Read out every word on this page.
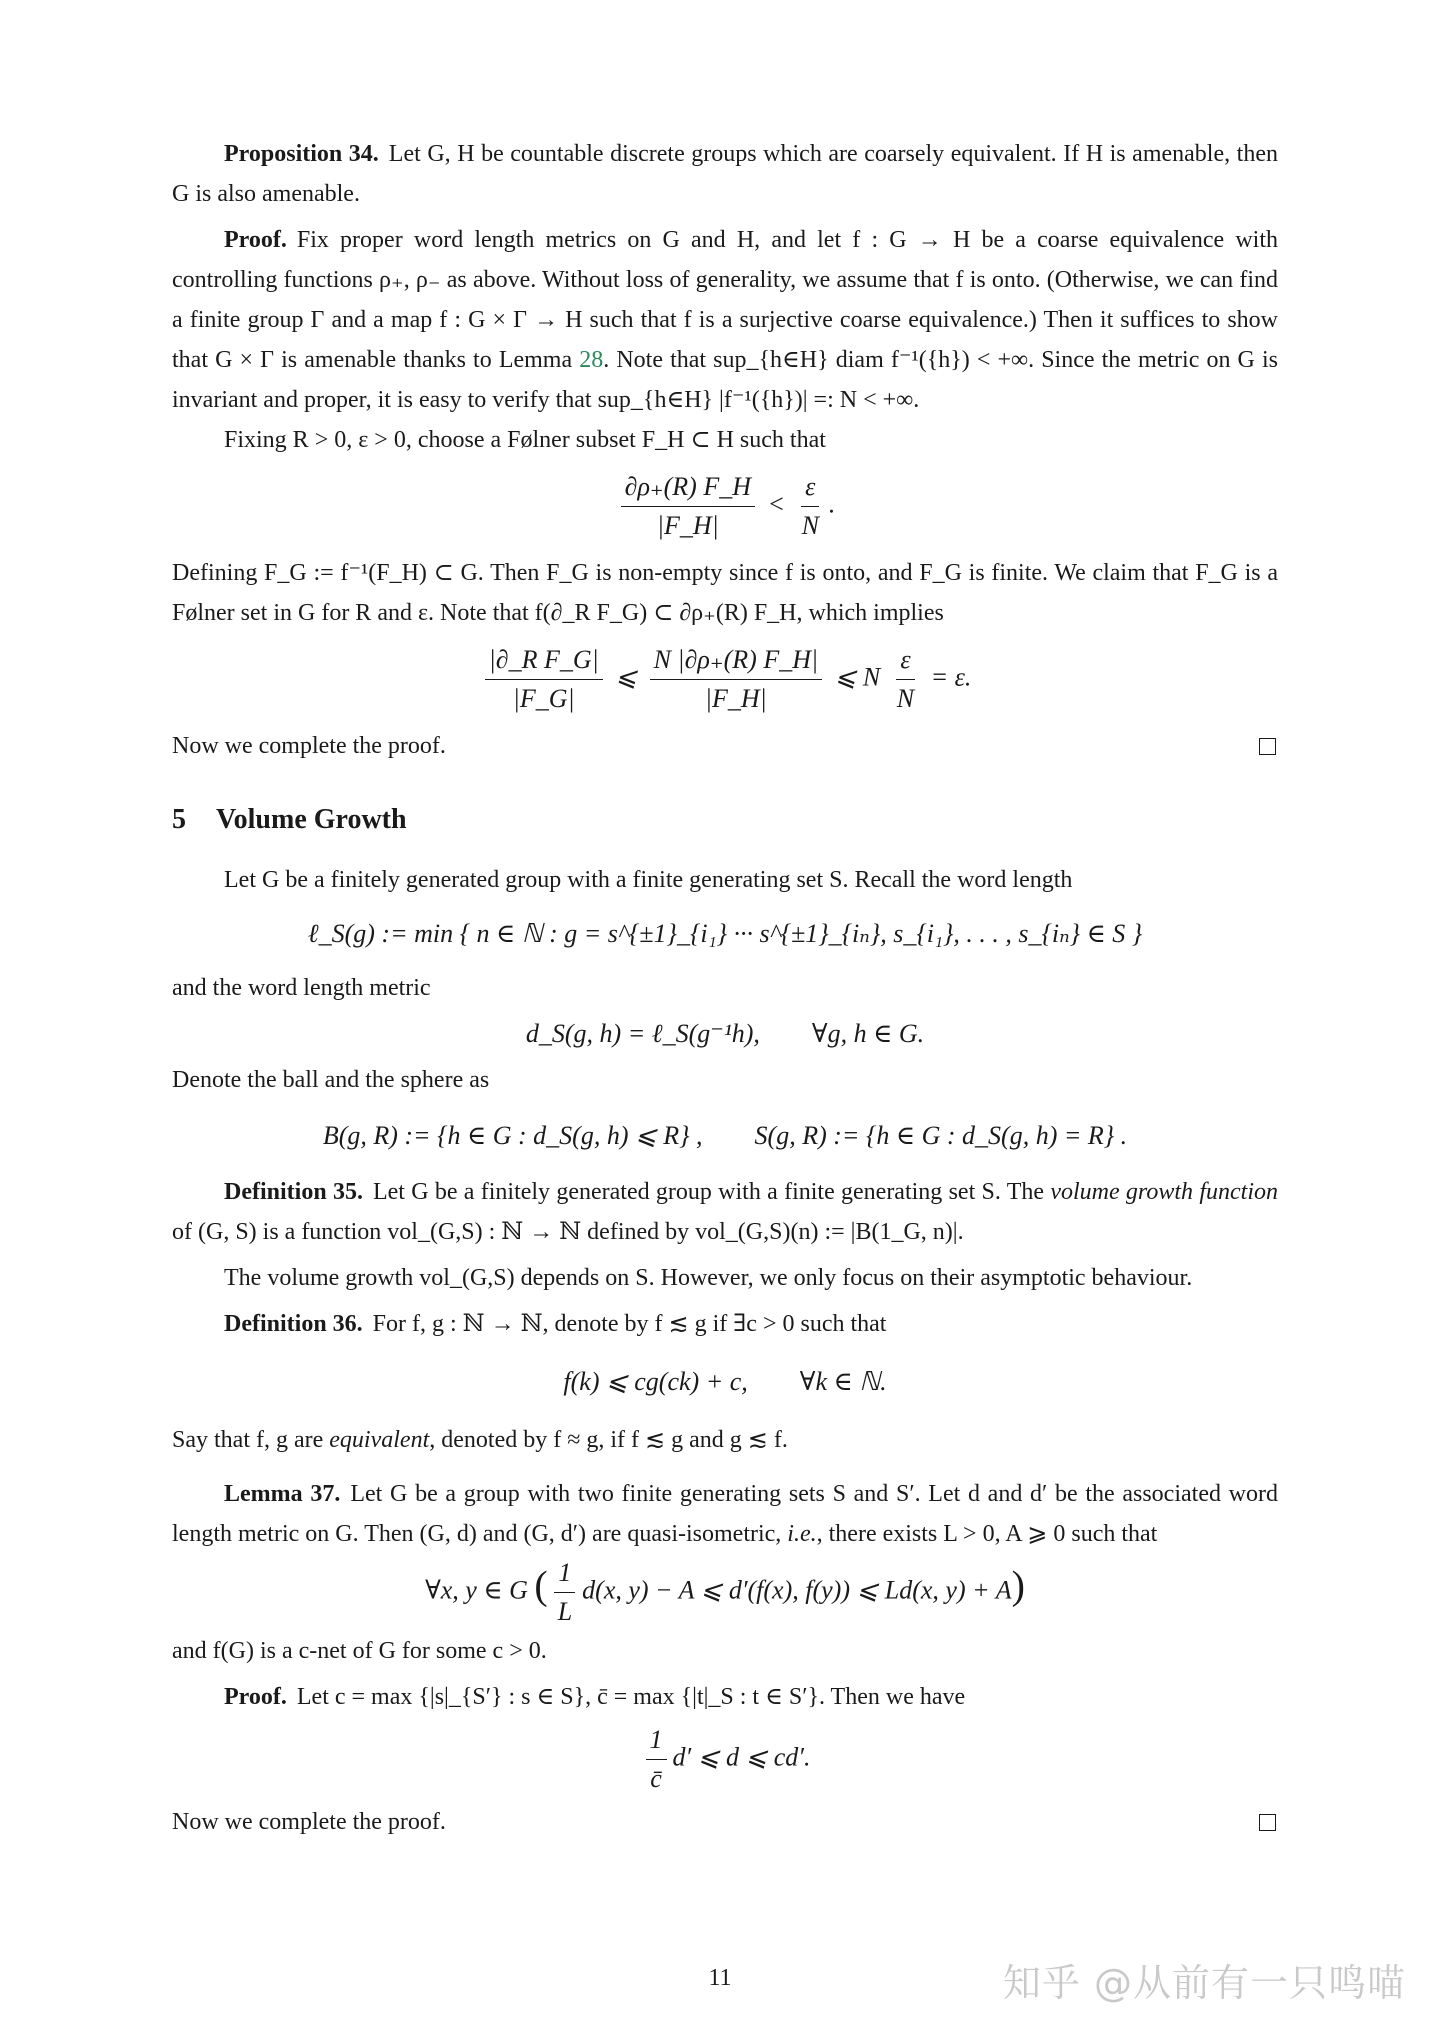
Proposition 34. Let G, H be countable discrete groups which are coarsely equivalent. If H is amenable, then G is also amenable.

Proof. Fix proper word length metrics on G and H, and let f : G → H be a coarse equivalence with controlling functions ρ₊, ρ₋ as above. Without loss of generality, we assume that f is onto. (Otherwise, we can find a finite group Γ and a map f : G × Γ → H such that f is a surjective coarse equivalence.) Then it suffices to show that G × Γ is amenable thanks to Lemma 28. Note that sup_{h∈H} diam f⁻¹({h}) < +∞. Since the metric on G is invariant and proper, it is easy to verify that sup_{h∈H} |f⁻¹({h})| =: N < +∞.

Fixing R > 0, ε > 0, choose a Følner subset F_H ⊂ H such that

$\frac{\partial\rho_+(R) F\_H}{|F\_H|} < \frac{\varepsilon}{N}$ .

Defining F_G := f⁻¹(F_H) ⊂ G. Then F_G is non-empty since f is onto, and F_G is finite. We claim that F_G is a Følner set in G for R and ε. Note that f(∂_R F_G) ⊂ ∂ρ₊(R) F_H, which implies

$\frac{\text{|∂\_R F\_G|}}{|F\_G|}$ ⩽ $\frac{N |\partial\rho_+(R) F\_H|}{|F\_H|}$ ⩽ N $\frac{\varepsilon}{N} = \varepsilon$.
Now we complete the proof.
5 Volume Growth

Let G be a finitely generated group with a finite generating set S. Recall the word length

ℓ_S(g) := min { n ∈ ℕ : g = s^{±1}_{i₁} ··· s^{±1}_{iₙ}, s_{i₁}, . . . , s_{iₙ} ∈ S }

and the word length metric

d_S(g, h) = ℓ_S(g⁻¹h),        ∀g, h ∈ G.

Denote the ball and the sphere as

B(g, R) := {h ∈ G : d_S(g, h) ⩽ R} ,        S(g, R) := {h ∈ G : d_S(g, h) = R} .

Definition 35. Let G be a finitely generated group with a finite generating set S. The volume growth function of (G, S) is a function vol_(G,S) : ℕ → ℕ defined by vol_(G,S)(n) := |B(1_G, n)|.

The volume growth vol_(G,S) depends on S. However, we only focus on their asymptotic behaviour.

Definition 36. For f, g : ℕ → ℕ, denote by f ≲ g if ∃c > 0 such that

f(k) ⩽ cg(ck) + c,        ∀k ∈ ℕ.

Say that f, g are equivalent, denoted by f ≈ g, if f ≲ g and g ≲ f.

Lemma 37. Let G be a group with two finite generating sets S and S′. Let d and d′ be the associated word length metric on G. Then (G, d) and (G, d′) are quasi-isometric, i.e., there exists L > 0, A ⩾ 0 such that

∀x, y ∈ G ( $\frac{1}{L} d(x$, y) − A ⩽ d′(f(x), f(y)) ⩽ Ld(x, y) + A)

and f(G) is a c-net of G for some c > 0.

Proof. Let c = max {|s|_{S′} : s ∈ S}, c̄ = max {|t|_S : t ∈ S′}. Then we have

$\frac{1}{c̄} d'$ ⩽ d ⩽ cd′.
Now we complete the proof.
11	知乎 @从前有一只鸣喵
